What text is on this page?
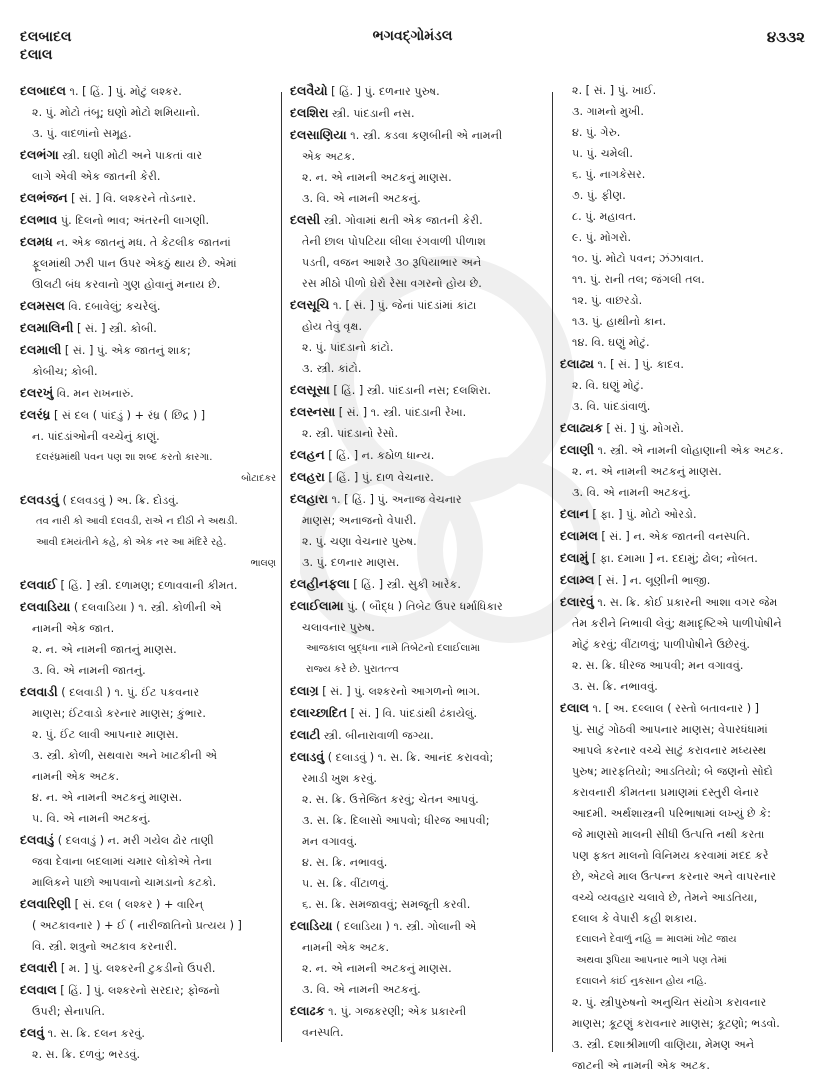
દલબાદલ
દલાલ
ભગવદ્ગોમંડલ	૪૩૩૨
દલબાદલ ૧. [ હિં. ] પું. મોટું લશ્કર.
૨. પું. મોટો તંબૂ; ઘણો મોટો શમિયાનો.
૩. પું. વાદળાંનો સમૂહ.
દલભંગા સ્ત્રી. ઘણી મોટી અને પાકતાં વાર
લાગે એવી એક જાતની કેરી.
દલભંજન [ સં. ] વિ. લશ્કરને તોડનાર.
દલભાવ પું. દિલનો ભાવ; અંતરની લાગણી.
દલમધ ન. એક જાતનું મધ. તે કેટલીક જાતનાં
ફૂલમાંથી ઝરી પાન ઉપર એકઠું થાય છે. એમાં
ઊલટી બંધ કરવાનો ગુણ હોવાનું મનાય છે.
દલમસલ વિ. દબાવેલું; કચરેલું.
દલમાલિની [ સં. ] સ્ત્રી. કોબી.
દલમાલી [ સં. ] પું. એક જાતનું શાક;
કોબીચ; કોબી.
દલરખું વિ. મન રાખનારું.
દલરંધ્ર [ સં દલ ( પાંદડું ) + રંધ્ર ( છિદ્ર ) ]
ન. પાંદડાંઓની વચ્ચેનું કાણું.
દલરંધ્રમાંથી પવન પણ શા શબ્દ કરતો કારગા.
બોટાદકર
દલવડવું ( દલવડવું ) અ. ક્રિ. દોડવું.
તવ નારી કો આવી દલવડી, રાએ ન દીઠી ને અથડી.
આવી દમયંતીને કહે, કો એક નર આ મંદિરે રહે.
ભાલણ
દલવાઈ [ હિં. ] સ્ત્રી. દળામણ; દળાવવાની કીમત.
દલવાડિયા ( દલવાડિયા ) ૧. સ્ત્રી. કોળીની એ
નામની એક જાત.
૨. ન. એ નામની જાતનું માણસ.
૩. વિ. એ નામની જાતનું.
દલવાડી ( દલવાડી ) ૧. પું. ઈંટ પકવનાર
માણસ; ઈંટવાડો કરનાર માણસ; કુંભાર.
૨. પું. ઈંટ લાવી આપનાર માણસ.
૩. સ્ત્રી. કોળી, સથવારા અને ખાટકીની એ
નામની એક અટક.
૪. ન. એ નામની અટકનું માણસ.
૫. વિ. એ નામની અટકનું.
દલવાડું ( દલવાડું ) ન. મરી ગયેલ ઢોર તાણી
જવા દેવાના બદલામાં ચમાર લોકોએ તેના
માલિકને પાછો આપવાનો ચામડાનો કટકો.
દલવારિણી [ સં. દલ ( લશ્કર ) + વારિન્
( અટકાવનાર ) + ઈ ( નારીજાતિનો પ્રત્યય ) ]
વિ. સ્ત્રી. શત્રુનો અટકાવ કરનારી.
દલવારી [ મ. ] પું. લશ્કરની ટુકડીનો ઉપરી.
દલવાલ [ હિં. ] પું. લશ્કરનો સરદાર; ફોજનો
ઉપરી; સેનાપતિ.
દલવું ૧. સ. ક્રિ. દલન કરવું.
૨. સ. ક્રિ. દળવું; ભરડવું.
દલવૈયો [ હિં. ] પું. દળનાર પુરુષ.
દલશિરા સ્ત્રી. પાંદડાની નસ.
દલસાણિયા ૧. સ્ત્રી. કડવા કણબીની એ નામની
એક અટક.
૨. ન. એ નામની અટકનું માણસ.
૩. વિ. એ નામની અટકનું.
દલસી સ્ત્રી. ગોવામાં થતી એક જાતની કેરી.
તેની છાલ પોપટિયા લીલા રંગવાળી પીળાશ
પડતી, વજન આશરે ૩૦ રૂપિયાભાર અને
રસ મીઠો પીળો ઘેરો રેસા વગરનો હોય છે.
દલસૂચિ ૧. [ સં. ] પું. જેનાં પાંદડાંમાં કાંટા
હોય તેવું વૃક્ષ.
૨. પું. પાંદડાનો કાંટો.
૩. સ્ત્રી. કાંટો.
દલસૂસા [ હિં. ] સ્ત્રી. પાંદડાની નસ; દલશિરા.
દલસ્નસા [ સં. ] ૧. સ્ત્રી. પાંદડાની રેખા.
૨. સ્ત્રી. પાંદડાનો રેસો.
દલહન [ હિં. ] ન. કઠોળ ધાન્ય.
દલહરા [ હિં. ] પું. દાળ વેચનાર.
દલહારા ૧. [ હિં. ] પું. અનાજ વેચનાર
માણસ; અનાજનો વેપારી.
૨. પું. ચણા વેચનાર પુરુષ.
૩. પું. દળનાર માણસ.
દલહીનફલા [ હિં. ] સ્ત્રી. સુકી ખારેક.
દલાઈલામા પું. ( બૌદ્ધ ) તિબેટ ઉપર ધર્માધિકાર
ચલાવનાર પુરુષ.
આજકાલ બુદ્ધના નામે તિબેટનો દલાઈલામા
રાજ્ય કરે છે. પુરાતત્ત્વ
દલાગ્ર [ સં. ] પું. લશ્કરનો આગળનો ભાગ.
દલાચ્છાદિત [ સં. ] વિ. પાંદડાંથી ઢંકાયેલું.
દલાટી સ્ત્રી. બીનારાવાળી જગ્યા.
દલાડવું ( દલાડવું ) ૧. સ. ક્રિ. આનંદ કરાવવો;
રમાડી ખુશ કરવું.
૨. સ. ક્રિ. ઉત્તેજિત કરવું; ચેતન આપવું.
૩. સ. ક્રિ. દિલાસો આપવો; ધીરજ આપવી;
મન વગાવવું.
૪. સ. ક્રિ. નભાવવું.
૫. સ. ક્રિ. વીંટાળવું.
૬. સ. ક્રિ. સમજાવવું; સમજૂતી કરવી.
દલાડિયા ( દલાડિયા ) ૧. સ્ત્રી. ગોલાની એ
નામની એક અટક.
૨. ન. એ નામની અટકનું માણસ.
૩. વિ. એ નામની અટકનું.
દલાઢક ૧. પું. ગજકરણી; એક પ્રકારની
વનસ્પતિ.
૨. [ સં. ] પું. ખાઈ.
૩. ગામનો મુખી.
૪. પું. ગેરુ.
૫. પું. ચમેલી.
૬. પું. નાગકેસર.
૭. પું. ફીણ.
૮. પું. મહાવત.
૯. પું. મોગરો.
૧૦. પું. મોટો પવન; ઝંઝાવાત.
૧૧. પું. રાની તલ; જંગલી તલ.
૧૨. પું. વાછરડો.
૧૩. પું. હાથીનો કાન.
૧૪. વિ. ઘણું મોટું.
દલાઢ્ય ૧. [ સં. ] પું. કાદવ.
૨. વિ. ઘણું મોટું.
૩. વિ. પાંદડાંવાળું.
દલાઢ્યક [ સં. ] પું. મોગરો.
દલાણી ૧. સ્ત્રી. એ નામની લોહાણાની એક અટક.
૨. ન. એ નામની અટકનું માણસ.
૩. વિ. એ નામની અટકનું.
દલાન [ ફા. ] પું. મોટો ઓરડો.
દલામલ [ સં. ] ન. એક જાતની વનસ્પતિ.
દલામું [ ફા. દમામા ] ન. દદામું; ઢોલ; નોબત.
દલામ્લ [ સં. ] ન. લૂણીની ભાજી.
દલારવું ૧. સ. ક્રિ. કોઈ પ્રકારની આશા વગર જેમ
તેમ કરીને નિભાવી લેવું; ક્ષમાદૃષ્ટિએ પાળીપોષીને
મોટું કરવું; વીંટાળવું; પાળીપોષીને ઉછેરવું.
૨. સ. ક્રિ. ધીરજ આપવી; મન વગાવવું.
૩. સ. ક્રિ. નભાવવું.
દલાલ ૧. [ અ. દલ્લાલ ( રસ્તો બતાવનાર ) ]
પું. સાટું ગોઠવી આપનાર માણસ; વેપારધંધામાં
આપલે કરનાર વચ્ચે સાટું કરાવનાર મધ્યસ્થ
પુરુષ; મારફતિયો; આડતિયો; બે જણનો સોદો
કરાવનારી કીમતના પ્રમાણમાં દસ્તુરી લેનાર
આદમી. અર્થશાસ્ત્રની પરિભાષામાં લખ્યું છે કે:
જે માણસો માલની સીધી ઉત્પત્તિ નથી કરતા
પણ ફક્ત માલનો વિનિમય કરવામાં મદદ કરે
છે, એટલે માલ ઉત્પન્ન કરનાર અને વાપરનાર
વચ્ચે વ્યવહાર ચલાવે છે, તેમને આડતિયા,
દલાલ કે વેપારી કહી શકાય.
દલાલને દેવાળું નહિ = માલમાં ખોટ જાય
અથવા રૂપિયા આપનાર ભાગે પણ તેમાં
દલાલને કાંઈ નુકસાન હોય નહિ.
૨. પું. સ્ત્રીપુરુષનો અનુચિત સંયોગ કરાવનાર
માણસ; કૂટણું કરાવનાર માણસ; કૂટણો; ભડવો.
૩. સ્ત્રી. દશાશ્રીમાળી વાણિયા, મેમણ અને
જાટની એ નામની એક અટક.
